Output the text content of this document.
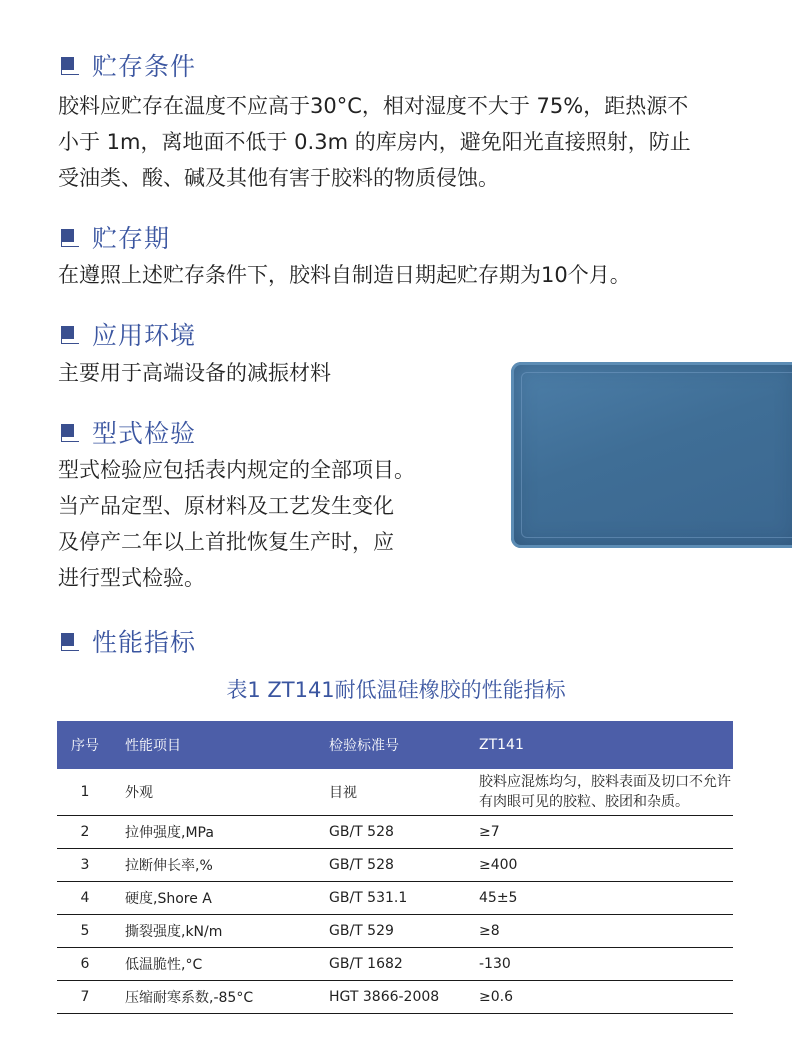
贮存条件
胶料应贮存在温度不应高于30°C，相对湿度不大于 75%，距热源不
小于 1m，离地面不低于 0.3m 的库房内，避免阳光直接照射，防止
受油类、酸、碱及其他有害于胶料的物质侵蚀。
贮存期
在遵照上述贮存条件下，胶料自制造日期起贮存期为10个月。
应用环境
主要用于高端设备的减振材料
型式检验
型式检验应包括表内规定的全部项目。
当产品定型、原材料及工艺发生变化
及停产二年以上首批恢复生产时，应
进行型式检验。
性能指标
表1 ZT141耐低温硅橡胶的性能指标
序号	性能项目	检验标准号	ZT141
1	外观	目视	胶料应混炼均匀，胶料表面及切口不允许有肉眼可见的胶粒、胶团和杂质。
2	拉伸强度,MPa	GB/T 528	≥7
3	拉断伸长率,%	GB/T 528	≥400
4	硬度,Shore A	GB/T 531.1	45±5
5	撕裂强度,kN/m	GB/T 529	≥8
6	低温脆性,°C	GB/T 1682	-130
7	压缩耐寒系数,-85°C	HGT 3866-2008	≥0.6
